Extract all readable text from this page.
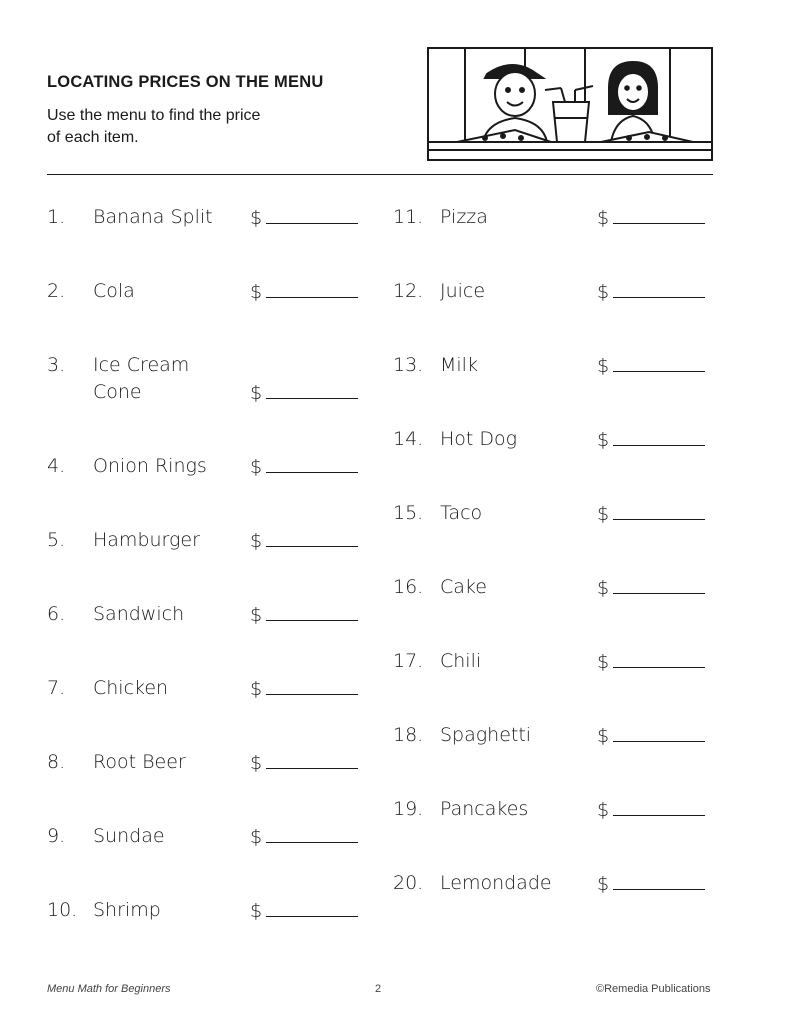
LOCATING PRICES ON THE MENU
Use the menu to find the price
of each item.
1. Banana Split $
2. Cola	$
3. Ice Cream
Cone	$
4. Onion Rings $
5. Hamburger	$
6. Sandwich	$
7. Chicken	$
8. Root Beer	$
9. Sundae	$
10. Shrimp	$
11. Pizza	$
12. Juice	$
13. Milk	$
14. Hot Dog	$
15. Taco	$
16. Cake	$
17. Chili	$
18. Spaghetti	$
19. Pancakes	$
20. Lemondade $
Menu Math for Beginners	2	©Remedia Publications
